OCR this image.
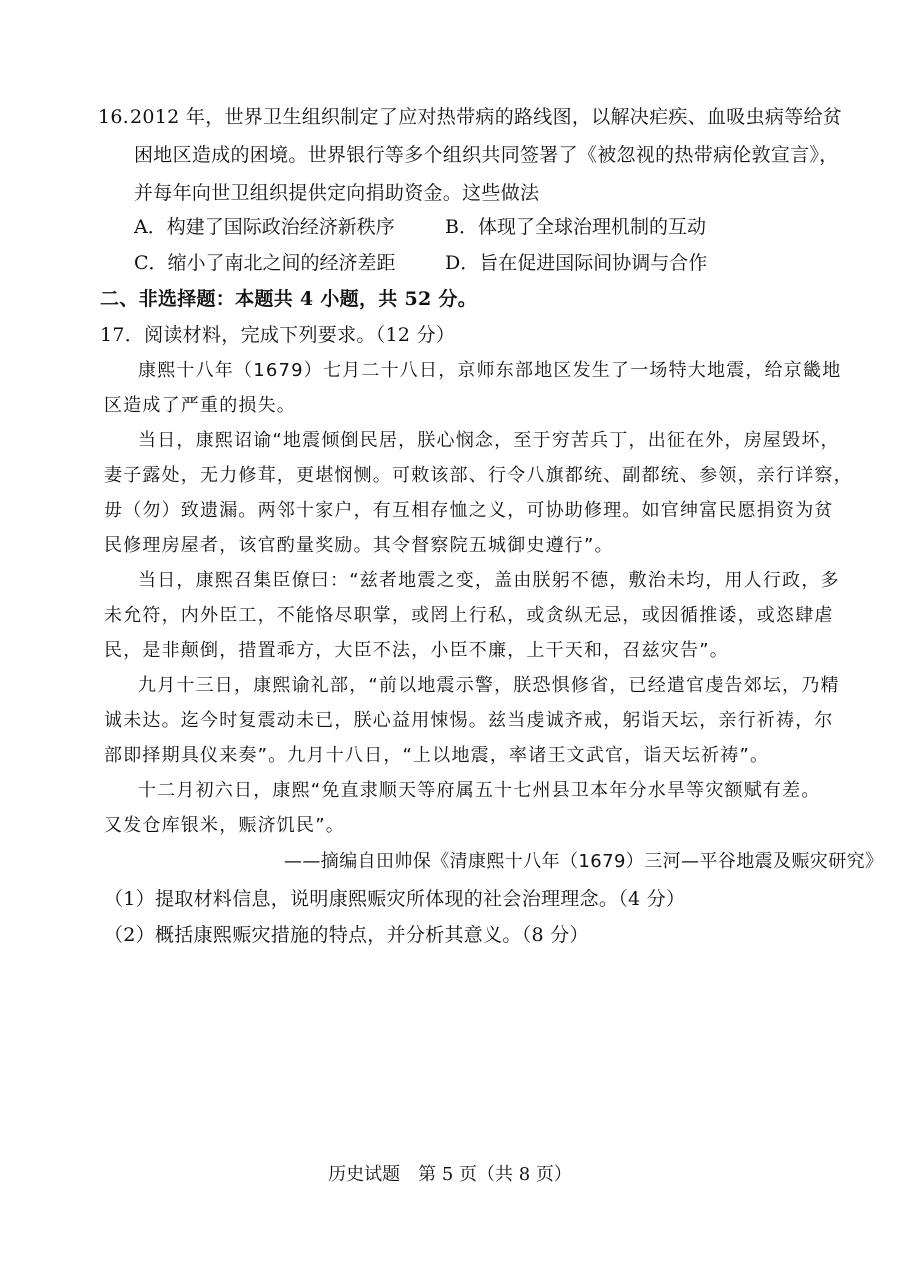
16. 2012 年，世界卫生组织制定了应对热带病的路线图，以解决疟疾、血吸虫病等给贫
困地区造成的困境。世界银行等多个组织共同签署了《被忽视的热带病伦敦宣言》，
并每年向世卫组织提供定向捐助资金。这些做法
A．构建了国际政治经济新秩序	B．体现了全球治理机制的互动
C．缩小了南北之间的经济差距	D．旨在促进国际间协调与合作
二、非选择题：本题共 4 小题，共 52 分。
17．阅读材料，完成下列要求。（12 分）
康熙十八年（1679）七月二十八日，京师东部地区发生了一场特大地震，给京畿地
区造成了严重的损失。
当日，康熙诏谕“地震倾倒民居，朕心悯念，至于穷苦兵丁，出征在外，房屋毁坏，
妻子露处，无力修茸，更堪悯恻。可敕该部、行令八旗都统、副都统、参领，亲行详察，
毋（勿）致遗漏。两邻十家户，有互相存恤之义，可协助修理。如官绅富民愿捐资为贫
民修理房屋者，该官酌量奖励。其令督察院五城御史遵行”。
当日，康熙召集臣僚曰：“兹者地震之变，盖由朕躬不德，敷治未均，用人行政，多
未允符，内外臣工，不能恪尽职掌，或罔上行私，或贪纵无忌，或因循推诿，或恣肆虐
民，是非颠倒，措置乖方，大臣不法，小臣不廉，上干天和，召兹灾告”。
九月十三日，康熙谕礼部，“前以地震示警，朕恐惧修省，已经遣官虔告郊坛，乃精
诚未达。迄今时复震动未已，朕心益用悚惕。兹当虔诚齐戒，躬诣天坛，亲行祈祷，尔
部即择期具仪来奏”。九月十八日，“上以地震，率诸王文武官，诣天坛祈祷”。
十二月初六日，康熙“免直隶顺天等府属五十七州县卫本年分水旱等灾额赋有差。
又发仓库银米，赈济饥民”。
——摘编自田帅保《清康熙十八年（1679）三河—平谷地震及赈灾研究》
（1）提取材料信息，说明康熙赈灾所体现的社会治理理念。（4 分）
（2）概括康熙赈灾措施的特点，并分析其意义。（8 分）
历史试题　第 5 页（共 8 页）
